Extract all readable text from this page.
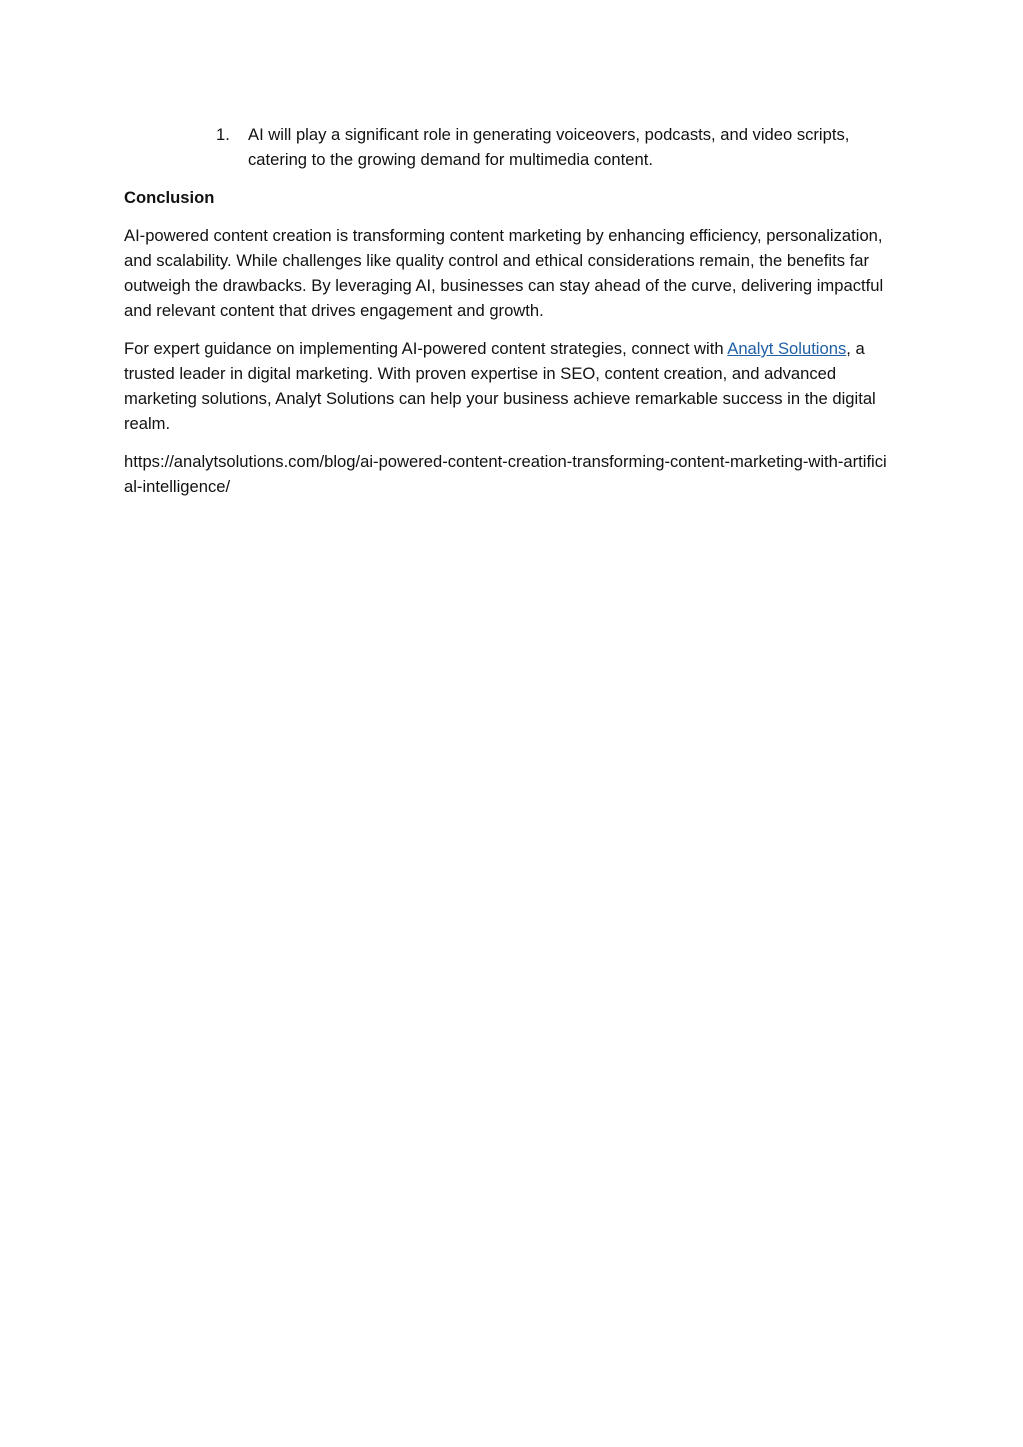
1. AI will play a significant role in generating voiceovers, podcasts, and video scripts, catering to the growing demand for multimedia content.
Conclusion

AI-powered content creation is transforming content marketing by enhancing efficiency, personalization, and scalability. While challenges like quality control and ethical considerations remain, the benefits far outweigh the drawbacks. By leveraging AI, businesses can stay ahead of the curve, delivering impactful and relevant content that drives engagement and growth.

For expert guidance on implementing AI-powered content strategies, connect with Analyt Solutions, a trusted leader in digital marketing. With proven expertise in SEO, content creation, and advanced marketing solutions, Analyt Solutions can help your business achieve remarkable success in the digital realm.

https://analytsolutions.com/blog/ai-powered-content-creation-transforming-content-marketing-with-artificial-intelligence/
